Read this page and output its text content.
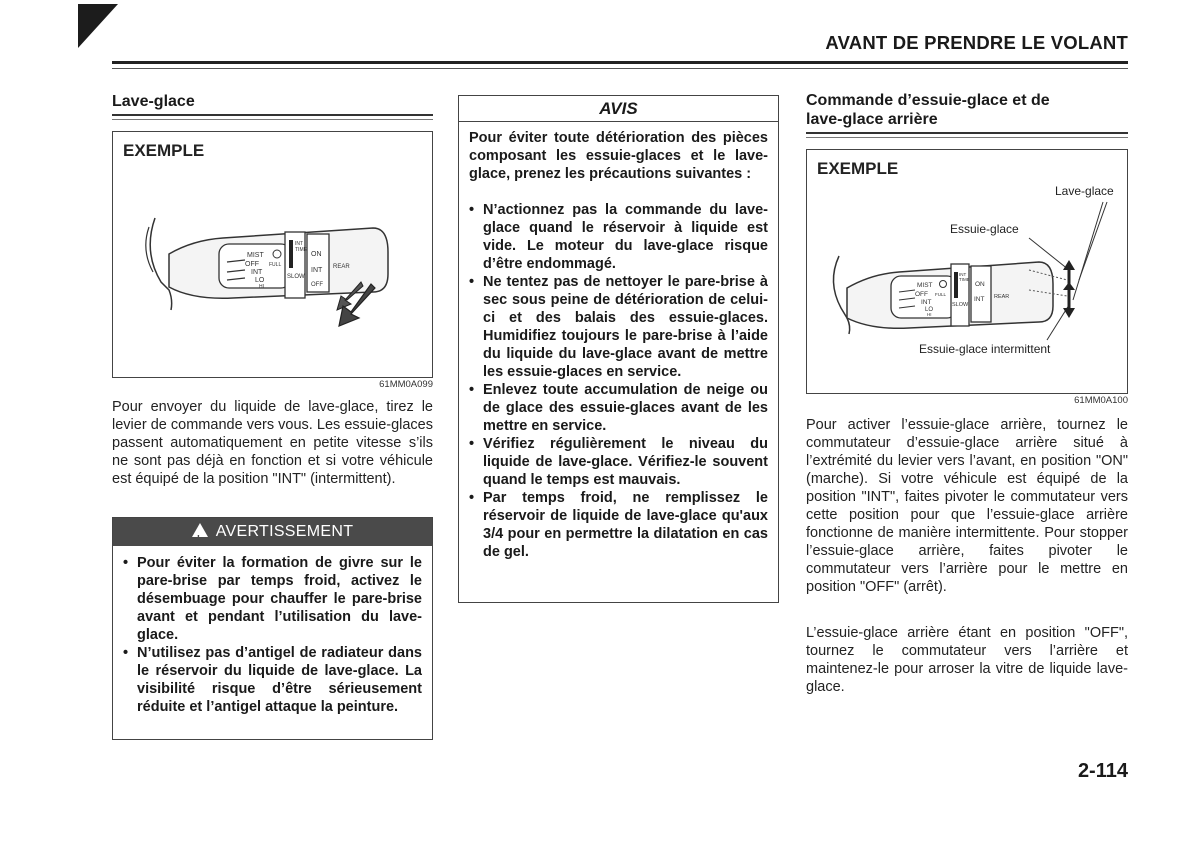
AVANT DE PRENDRE LE VOLANT
Lave-glace
EXEMPLE
MIST
OFF
INT
LO
HI
FULL
INT
TIME
SLOW
ON
INT
OFF
REAR
61MM0A099
Pour envoyer du liquide de lave-glace, tirez le levier de commande vers vous. Les essuie-glaces passent automatiquement en petite vitesse s’ils ne sont pas déjà en fonction et si votre véhicule est équipé de la position "INT" (intermittent).
! AVERTISSEMENT
• Pour éviter la formation de givre sur le pare-brise par temps froid, activez le désembuage pour chauffer le pare-brise avant et pendant l’utilisation du lave-glace.
• N’utilisez pas d’antigel de radiateur dans le réservoir du liquide de lave-glace. La visibilité risque d’être sérieusement réduite et l’antigel attaque la peinture.
AVIS
Pour éviter toute détérioration des pièces composant les essuie-glaces et le lave-glace, prenez les précautions suivantes :
• N’actionnez pas la commande du lave-glace quand le réservoir à liquide est vide. Le moteur du lave-glace risque d’être endommagé.
• Ne tentez pas de nettoyer le pare-brise à sec sous peine de détérioration de celui-ci et des balais des essuie-glaces. Humidifiez toujours le pare-brise à l’aide du liquide du lave-glace avant de mettre les essuie-glaces en service.
• Enlevez toute accumulation de neige ou de glace des essuie-glaces avant de les mettre en service.
• Vérifiez régulièrement le niveau du liquide de lave-glace. Vérifiez-le souvent quand le temps est mauvais.
• Par temps froid, ne remplissez le réservoir de liquide de lave-glace qu'aux 3/4 pour en permettre la dilatation en cas de gel.
Commande d’essuie-glace et de
lave-glace arrière
EXEMPLE
Lave-glace
Essuie-glace
Essuie-glace intermittent
MIST
OFF
INT
LO
HI
FULL
INT
TIME
SLOW
ON
INT REAR
61MM0A100
Pour activer l’essuie-glace arrière, tournez le commutateur d’essuie-glace arrière situé à l’extrémité du levier vers l’avant, en position "ON" (marche). Si votre véhicule est équipé de la position "INT", faites pivoter le commutateur vers cette position pour que l’essuie-glace arrière fonctionne de manière intermittente. Pour stopper l’essuie-glace arrière, faites pivoter le commutateur vers l’arrière pour le mettre en position "OFF" (arrêt).
L’essuie-glace arrière étant en position "OFF", tournez le commutateur vers l’arrière et maintenez-le pour arroser la vitre de liquide lave-glace.
2-114
